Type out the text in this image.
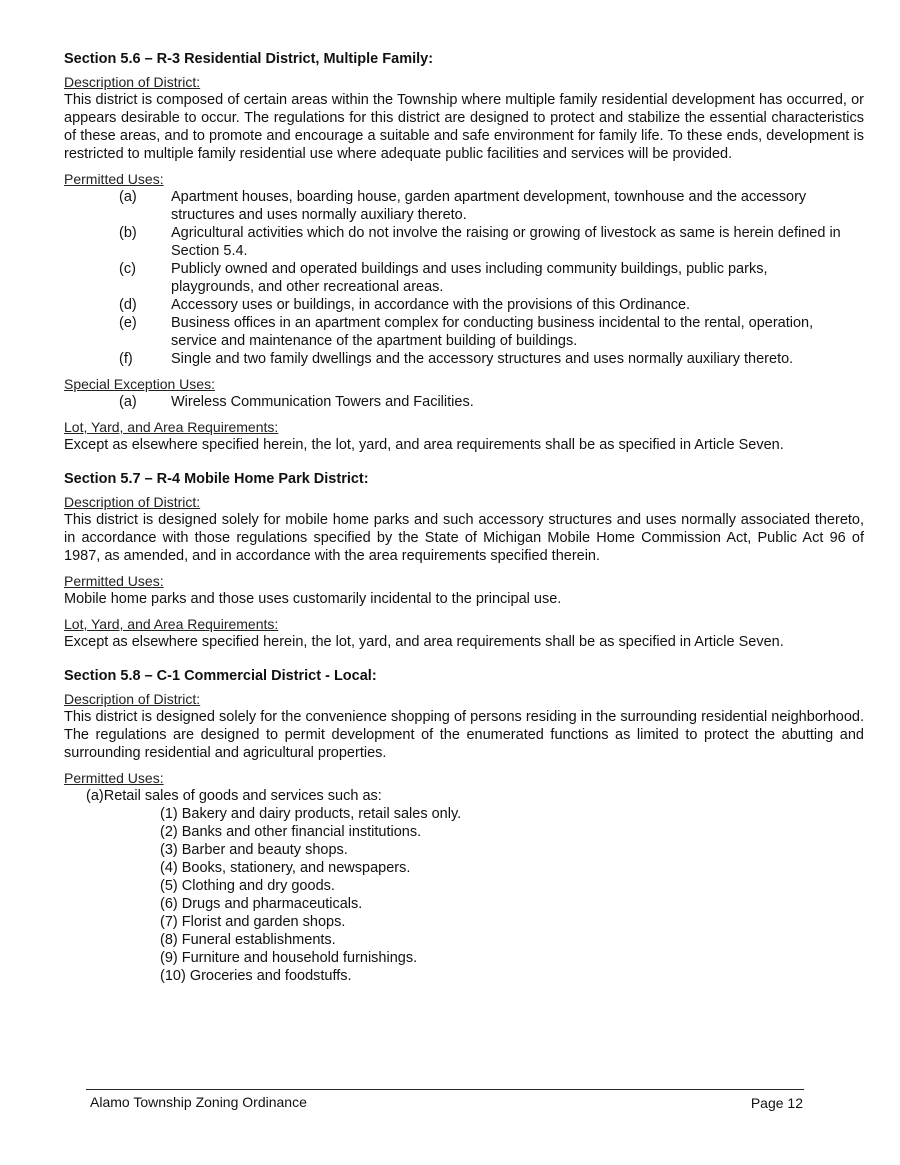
Section 5.6 – R-3 Residential District, Multiple Family:
Description of District:
This district is composed of certain areas within the Township where multiple family residential development has occurred, or appears desirable to occur. The regulations for this district are designed to protect and stabilize the essential characteristics of these areas, and to promote and encourage a suitable and safe environment for family life. To these ends, development is restricted to multiple family residential use where adequate public facilities and services will be provided.
Permitted Uses:
(a)	Apartment houses, boarding house, garden apartment development, townhouse and the accessory structures and uses normally auxiliary thereto.
(b)	Agricultural activities which do not involve the raising or growing of livestock as same is herein defined in Section 5.4.
(c)	Publicly owned and operated buildings and uses including community buildings, public parks, playgrounds, and other recreational areas.
(d)	Accessory uses or buildings, in accordance with the provisions of this Ordinance.
(e)	Business offices in an apartment complex for conducting business incidental to the rental, operation, service and maintenance of the apartment building of buildings.
(f)	Single and two family dwellings and the accessory structures and uses normally auxiliary thereto.
Special Exception Uses:
(a)	Wireless Communication Towers and Facilities.
Lot, Yard, and Area Requirements:
Except as elsewhere specified herein, the lot, yard, and area requirements shall be as specified in Article Seven.
Section 5.7 – R-4 Mobile Home Park District:
Description of District:
This district is designed solely for mobile home parks and such accessory structures and uses normally associated thereto, in accordance with those regulations specified by the State of Michigan Mobile Home Commission Act, Public Act 96 of 1987, as amended, and in accordance with the area requirements specified therein.
Permitted Uses:
Mobile home parks and those uses customarily incidental to the principal use.
Lot, Yard, and Area Requirements:
Except as elsewhere specified herein, the lot, yard, and area requirements shall be as specified in Article Seven.
Section 5.8 – C-1 Commercial District - Local:
Description of District:
This district is designed solely for the convenience shopping of persons residing in the surrounding residential neighborhood. The regulations are designed to permit development of the enumerated functions as limited to protect the abutting and surrounding residential and agricultural properties.
Permitted Uses:
(a)Retail sales of goods and services such as:
(1) Bakery and dairy products, retail sales only.
(2) Banks and other financial institutions.
(3) Barber and beauty shops.
(4) Books, stationery, and newspapers.
(5) Clothing and dry goods.
(6) Drugs and pharmaceuticals.
(7) Florist and garden shops.
(8) Funeral establishments.
(9) Furniture and household furnishings.
(10) Groceries and foodstuffs.
Alamo Township Zoning Ordinance	Page 12
